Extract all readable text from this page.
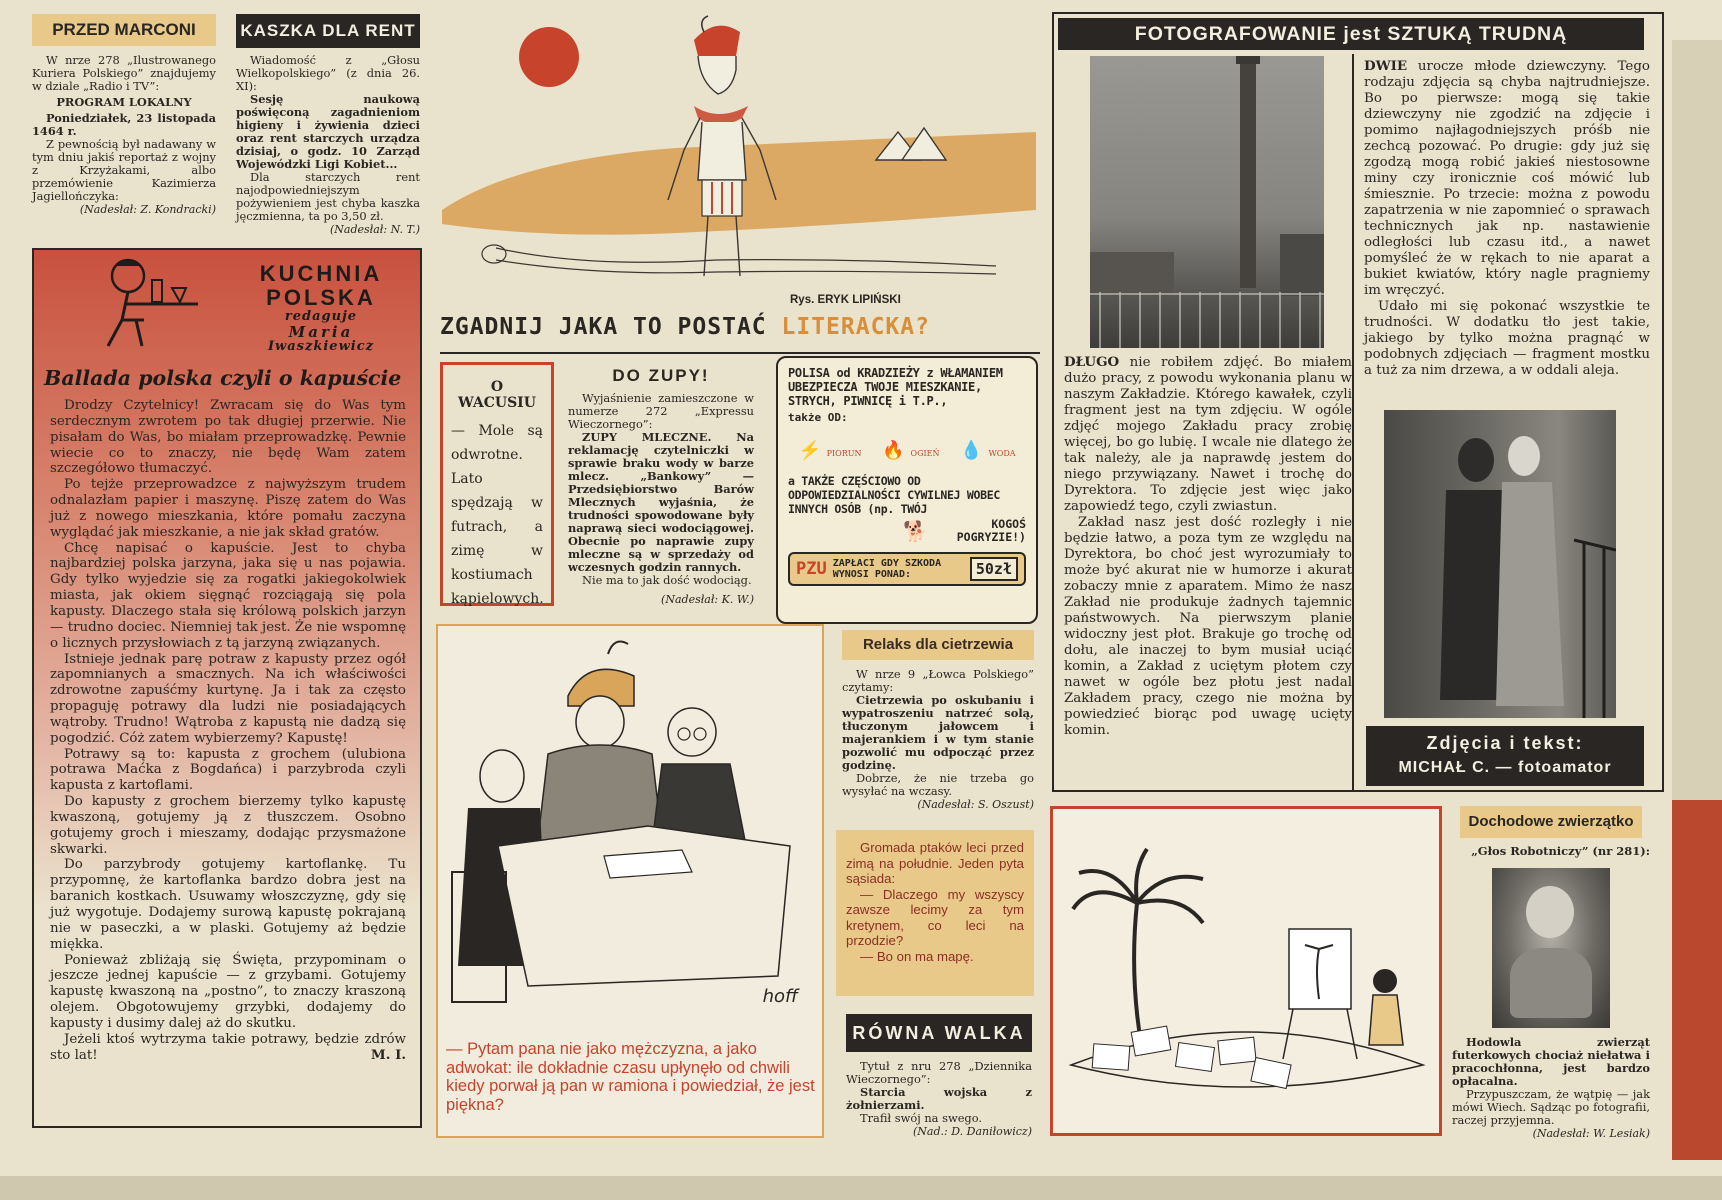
PRZED MARCONI

W nrze 278 „Ilustrowanego Kuriera Polskiego” znajdujemy w dziale „Radio i TV”:

PROGRAM LOKALNY

Poniedziałek, 23 listopada 1464 r.

Z pewnością był nadawany w tym dniu jakiś reportaż z wojny z Krzyżakami, albo przemówienie Kazimierza Jagiellończyka:

(Nadesłał: Z. Kondracki)

KASZKA DLA RENT

Wiadomość z „Głosu Wielkopolskiego” (z dnia 26. XI):

Sesję naukową poświęconą zagadnieniom higieny i żywienia dzieci oraz rent starczych urządza dzisiaj, o godz. 10 Zarząd Wojewódzki Ligi Kobiet...

Dla starczych rent najodpowiedniejszym pożywieniem jest chyba kaszka jęczmienna, ta po 3,50 zł.

(Nadesłał: N. T.)

Rys. ERYK LIPIŃSKI
ZGADNIJ JAKA TO POSTAĆ LITERACKA?
FOTOGRAFOWANIE jest SZTUKĄ TRUDNĄ

DŁUGO nie robiłem zdjęć. Bo miałem dużo pracy, z powodu wykonania planu w naszym Zakładzie. Którego kawałek, czyli fragment jest na tym zdjęciu. W ogóle zdjęć mojego Zakładu pracy zrobię więcej, bo go lubię. I wcale nie dlatego że tak należy, ale ja naprawdę jestem do niego przywiązany. Nawet i trochę do Dyrektora. To zdjęcie jest więc jako zapowiedź tego, czyli zwiastun.

Zakład nasz jest dość rozległy i nie będzie łatwo, a poza tym ze względu na Dyrektora, bo choć jest wyrozumiały to może być akurat nie w humorze i akurat zobaczy mnie z aparatem. Mimo że nasz Zakład nie produkuje żadnych tajemnic państwowych. Na pierwszym planie widoczny jest płot. Brakuje go trochę od dołu, ale inaczej to bym musiał uciąć komin, a Zakład z uciętym płotem czy nawet w ogóle bez płotu jest nadal Zakładem pracy, czego nie można by powiedzieć biorąc pod uwagę ucięty komin.

DWIE urocze młode dziewczyny. Tego rodzaju zdjęcia są chyba najtrudniejsze. Bo po pierwsze: mogą się takie dziewczyny nie zgodzić na zdjęcie i pomimo najłagodniejszych próśb nie zechcą pozować. Po drugie: gdy już się zgodzą mogą robić jakieś niestosowne miny czy ironicznie coś mówić lub śmiesznie. Po trzecie: można z powodu zapatrzenia w nie zapomnieć o sprawach technicznych jak np. nastawienie odległości lub czasu itd., a nawet pomyśleć że w rękach to nie aparat a bukiet kwiatów, który nagle pragniemy im wręczyć.

Udało mi się pokonać wszystkie te trudności. W dodatku tło jest takie, jakiego by tylko można pragnąć w podobnych zdjęciach — fragment mostku a tuż za nim drzewa, a w oddali aleja.

Zdjęcia i tekst:
MICHAŁ C. — fotoamator
KUCHNIA
POLSKA
redaguje
Maria
Iwaszkiewicz
Ballada polska czyli o kapuście

Drodzy Czytelnicy! Zwracam się do Was tym serdecznym zwrotem po tak długiej przerwie. Nie pisałam do Was, bo miałam przeprowadzkę. Pewnie wiecie co to znaczy, nie będę Wam zatem szczegółowo tłumaczyć.

Po tejże przeprowadzce z najwyższym trudem odnalazłam papier i maszynę. Piszę zatem do Was już z nowego mieszkania, które pomału zaczyna wyglądać jak mieszkanie, a nie jak skład gratów.

Chcę napisać o kapuście. Jest to chyba najbardziej polska jarzyna, jaka się u nas pojawia. Gdy tylko wyjedzie się za rogatki jakiegokolwiek miasta, jak okiem sięgnąć rozciągają się pola kapusty. Dlaczego stała się królową polskich jarzyn — trudno dociec. Niemniej tak jest. Że nie wspomnę o licznych przysłowiach z tą jarzyną związanych.

Istnieje jednak parę potraw z kapusty przez ogół zapomnianych a smacznych. Na ich właściwości zdrowotne zapuśćmy kurtynę. Ja i tak za często propaguję potrawy dla ludzi nie posiadających wątroby. Trudno! Wątroba z kapustą nie dadzą się pogodzić. Cóż zatem wybierzemy? Kapustę!

Potrawy są to: kapusta z grochem (ulubiona potrawa Maćka z Bogdańca) i parzybroda czyli kapusta z kartoflami.

Do kapusty z grochem bierzemy tylko kapustę kwaszoną, gotujemy ją z tłuszczem. Osobno gotujemy groch i mieszamy, dodając przysmażone skwarki.

Do parzybrody gotujemy kartoflankę. Tu przypomnę, że kartoflanka bardzo dobra jest na baranich kostkach. Usuwamy włoszczyznę, gdy się już wygotuje. Dodajemy surową kapustę pokrajaną nie w paseczki, a w plaski. Gotujemy aż będzie miękka.

Ponieważ zbliżają się Święta, przypominam o jeszcze jednej kapuście — z grzybami. Gotujemy kapustę kwaszoną na „postno”, to znaczy kraszoną olejem. Obgotowujemy grzybki, dodajemy do kapusty i dusimy dalej aż do skutku.

Jeżeli ktoś wytrzyma takie potrawy, będzie zdrów sto lat!	M. I.

O
WACUSIU
— Mole są odwrotne. Lato spędzają w futrach, a zimę w kostiumach kąpielowych.
DO ZUPY!

Wyjaśnienie zamieszczone w numerze 272 „Expressu Wieczornego”:

ZUPY MLECZNE. Na reklamację czytelniczki w sprawie braku wody w barze mlecz. „Bankowy” — Przedsiębiorstwo Barów Mlecznych wyjaśnia, że trudności spowodowane były naprawą sieci wodociągowej. Obecnie po naprawie zupy mleczne są w sprzedaży od wczesnych godzin rannych.

Nie ma to jak dość wodociąg.

(Nadesłał: K. W.)

POLISA od KRADZIEŻY z WŁAMANIEM UBEZPIECZA TWOJE MIESZKANIE, STRYCH, PIWNICĘ i T.P.,
także OD:
⚡ PIORUN 🔥 OGIEŃ 💧 WODA
a TAKŻE CZĘŚCIOWO OD ODPOWIEDZIALNOŚCI CYWILNEJ WOBEC INNYCH OSÓB (np. TWÓJ
🐕	KOGOŚ POGRYZIE!)
PZU ZAPŁACI GDY SZKODA WYNOSI PONAD:	50zł
hoff
— Pytam pana nie jako mężczyzna, a jako adwokat: ile dokładnie czasu upłynęło od chwili kiedy porwał ją pan w ramiona i powiedział, że jest piękna?
Relaks dla cietrzewia

W nrze 9 „Łowca Polskiego” czytamy:

Cietrzewia po oskubaniu i wypatroszeniu natrzeć solą, tłuczonym jałowcem i majerankiem i w tym stanie pozwolić mu odpocząć przez godzinę.

Dobrze, że nie trzeba go wysyłać na wczasy.

(Nadesłał: S. Oszust)

Gromada ptaków leci przed zimą na południe. Jeden pyta sąsiada:

— Dlaczego my wszyscy zawsze lecimy za tym kretynem, co leci na przodzie?

— Bo on ma mapę.

RÓWNA WALKA

Tytuł z nru 278 „Dziennika Wieczornego”:

Starcia wojska z żołnierzami.

Trafił swój na swego.

(Nad.: D. Daniłowicz)

Dochodowe zwierzątko
„Głos Robotniczy” (nr 281):

Hodowla zwierząt futerkowych chociaż niełatwa i pracochłonna, jest bardzo opłacalna.

Przypuszczam, że wątpię — jak mówi Wiech. Sądząc po fotografii, raczej przyjemna.

(Nadesłał: W. Lesiak)
